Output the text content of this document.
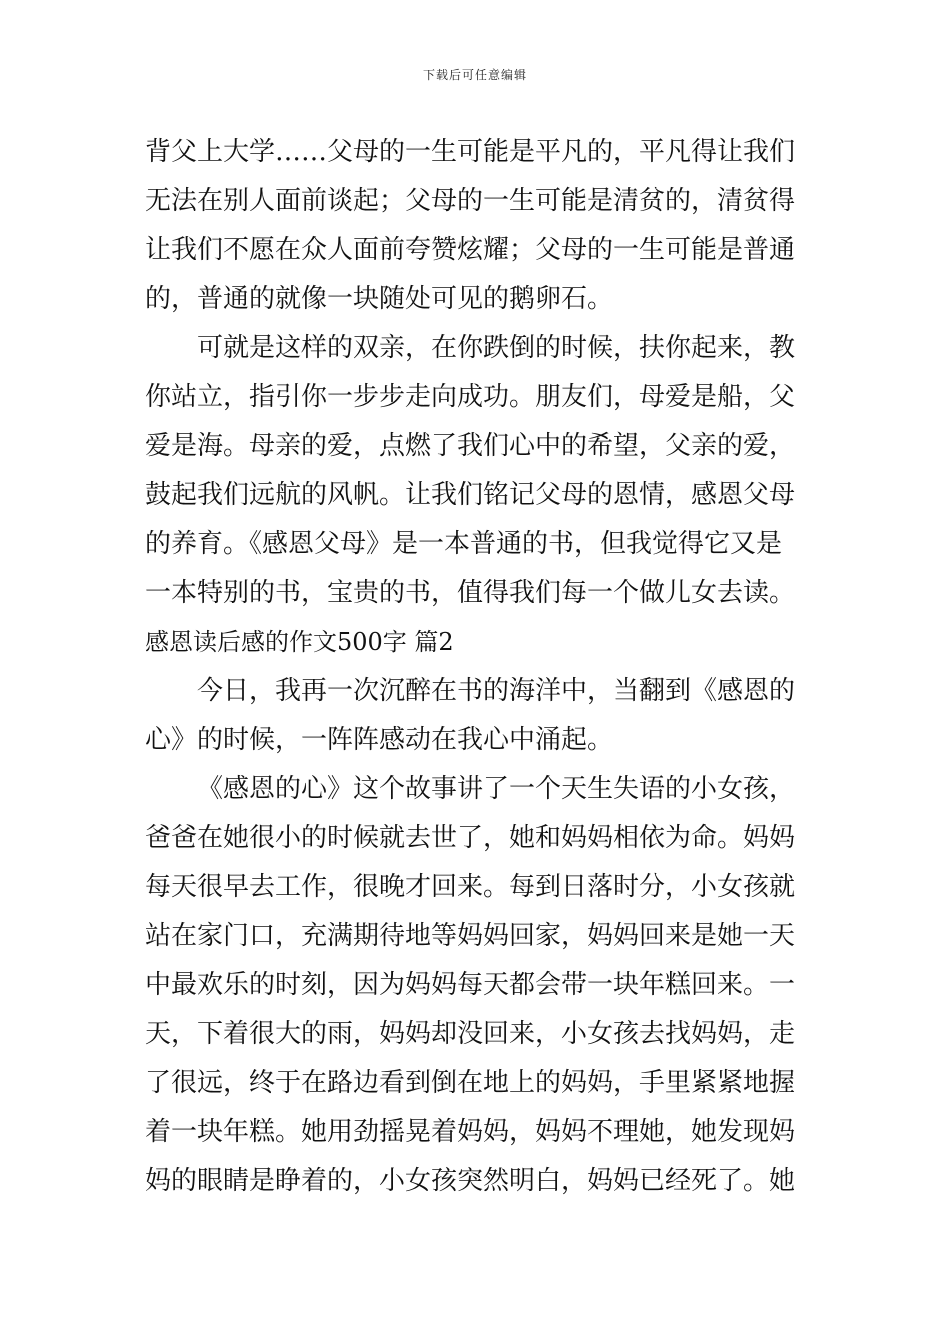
下载后可任意编辑
背父上大学……父母的一生可能是平凡的，平凡得让我们
无法在别人面前谈起；父母的一生可能是清贫的，清贫得
让我们不愿在众人面前夸赞炫耀；父母的一生可能是普通
的，普通的就像一块随处可见的鹅卵石。
可就是这样的双亲，在你跌倒的时候，扶你起来，教
你站立，指引你一步步走向成功。朋友们，母爱是船，父
爱是海。母亲的爱，点燃了我们心中的希望，父亲的爱，
鼓起我们远航的风帆。让我们铭记父母的恩情，感恩父母
的养育。《感恩父母》是一本普通的书，但我觉得它又是
一本特别的书，宝贵的书，值得我们每一个做儿女去读。
感恩读后感的作文500字 篇2
今日，我再一次沉醉在书的海洋中，当翻到《感恩的
心》的时候，一阵阵感动在我心中涌起。
《感恩的心》这个故事讲了一个天生失语的小女孩，
爸爸在她很小的时候就去世了，她和妈妈相依为命。妈妈
每天很早去工作，很晚才回来。每到日落时分，小女孩就
站在家门口，充满期待地等妈妈回家，妈妈回来是她一天
中最欢乐的时刻，因为妈妈每天都会带一块年糕回来。一
天，下着很大的雨，妈妈却没回来，小女孩去找妈妈，走
了很远，终于在路边看到倒在地上的妈妈，手里紧紧地握
着一块年糕。她用劲摇晃着妈妈，妈妈不理她，她发现妈
妈的眼睛是睁着的，小女孩突然明白，妈妈已经死了。她
